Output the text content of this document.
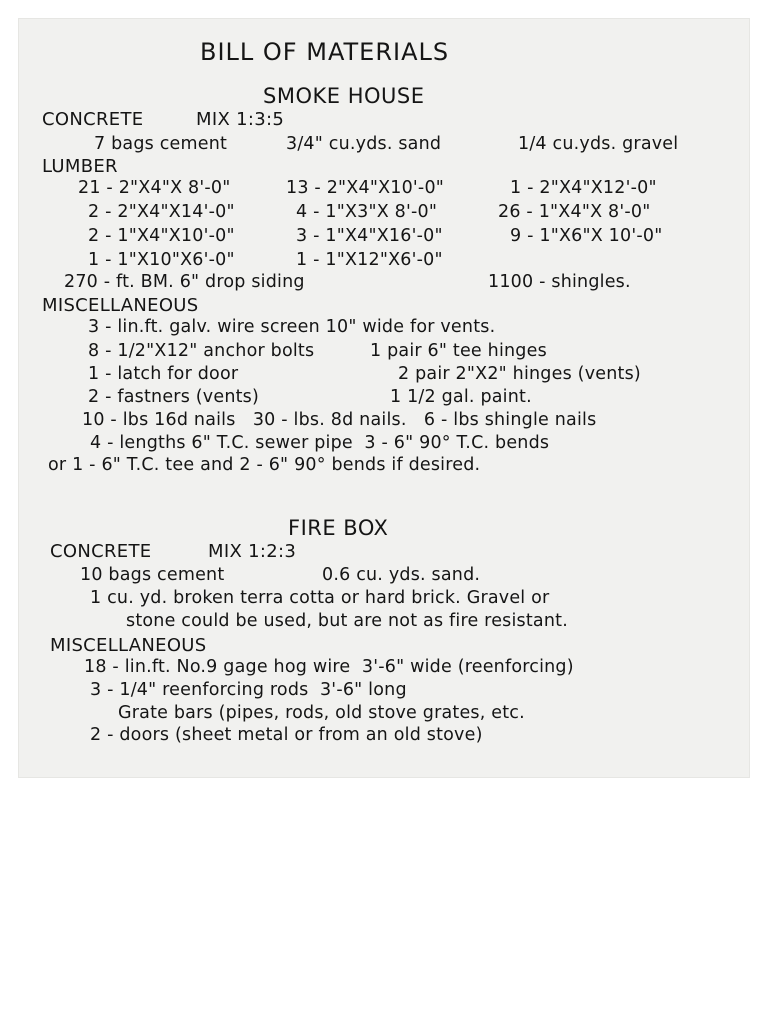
BILL OF MATERIALS
SMOKE HOUSE
CONCRETE	MIX 1:3:5
7 bags cement	3/4" cu.yds. sand	1/4 cu.yds. gravel
LUMBER
21 - 2"X4"X 8'-0"	13 - 2"X4"X10'-0"	1 - 2"X4"X12'-0"
2 - 2"X4"X14'-0"	4 - 1"X3"X 8'-0"	26 - 1"X4"X 8'-0"
2 - 1"X4"X10'-0"	3 - 1"X4"X16'-0"	9 - 1"X6"X 10'-0"
1 - 1"X10"X6'-0"	1 - 1"X12"X6'-0"
270 - ft. BM. 6" drop siding	1100 - shingles.
MISCELLANEOUS
3 - lin.ft. galv. wire screen 10" wide for vents.
8 - 1/2"X12" anchor bolts	1 pair 6" tee hinges
1 - latch for door	2 pair 2"X2" hinges (vents)
2 - fastners (vents)	1 1/2 gal. paint.
10 - lbs 16d nails   30 - lbs. 8d nails.   6 - lbs shingle nails
4 - lengths 6" T.C. sewer pipe  3 - 6" 90° T.C. bends
or 1 - 6" T.C. tee and 2 - 6" 90° bends if desired.
FIRE BOX
CONCRETE	MIX 1:2:3
10 bags cement	0.6 cu. yds. sand.
1 cu. yd. broken terra cotta or hard brick. Gravel or
stone could be used, but are not as fire resistant.
MISCELLANEOUS
18 - lin.ft. No.9 gage hog wire  3'-6" wide (reenforcing)
3 - 1/4" reenforcing rods  3'-6" long
Grate bars (pipes, rods, old stove grates, etc.
2 - doors (sheet metal or from an old stove)
